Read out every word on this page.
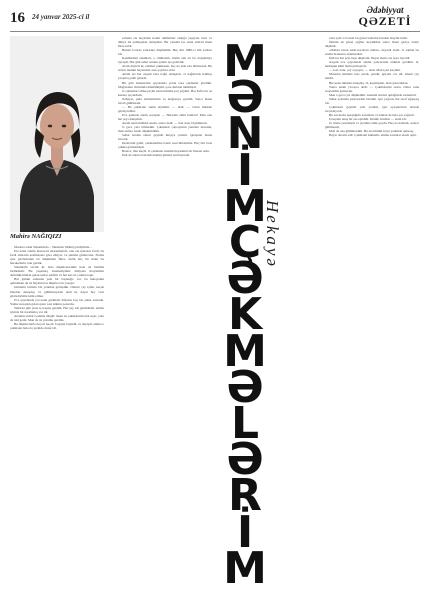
16 24 yanvar 2025-ci il
Ədəbiyyat
QƏZETİ
Mahirə NAĞIQIZI

Moskva adını Süsənbərdə – Süsənbər Mahrıyyəldiyimiz...

Elə uzun adamı məsuvəti edərəmiyirdi, onu elə iştirakçı fərdi, bu fərdi ailələrin azalmasına görə ehtiyac və şəkildə görüncələr. Eləmə qısa gözlərindən bu düşünmək fitirə, sözlü heç bir mətn bu hərəkətlərin rolu gəldik.

Sinəmizin sevilir ki, belə düşüncələrimiz hələ də bizimlə birlikdədir. Bu yaşamaq istəmədiyimiz dünyada ürəyimizin dərinliklərindən gələn səslər eşidilir və hər kəs öz yolunu tapır.

Hər günün sonunda yeni bir başlanğıc var, bu hekayənin qəhrəmanı da öz həyatını bu düşüncə ilə yaşayır.

Günlərin birində biz yenidən görüşdük. Oturub çay içdik, keçən illərdən danışdıq. O, gülümsəyərək dedi ki, həyat heç vaxt gözlədiyimiz kimi olmur.

Evə qayıdanda yol uzun göründü. Küçələr boş idi, şəhər susurdu. Yalnız uzaqdan gələn qatar səsi sükutu pozurdu.

Səhərisi gün yenə iş başına getdim. Hər şey adi görünürdü, amma içimdə bir narahatlıq var idi.

Anamın sözləri yadıma düşdü: insan öz çəkmələrini özü seçir, yolu da özü gedir. Mən də öz yolumu getdim.

Bu düşüncələrlə neçə il keçdi. Uşaqlar böyüdü, ev dəyişdi, amma o çəkmələr hələ də yerində durur idi.

zamanı elə keçirilən konul rəhmətləri olduğu yaşayan, bizə və dünya ilə qalmaqdan danışdılar. Bir yandan isə onun sözləri məni fikrə saldı.

Bunlar barədə sonradan düşündüm. Heç ilin 1980-ci ilin sonları idi.

Kəndimizin sakinləri, o cümlədən, bizim ailə də bu dəyişikliyə öyrəşdi. Hər gün səhər tezdən qalxıb işə gedirdik.

Atam deyirdi ki, zəhmət çəkməsən, heç nə əldə edə bilməzsən. Bu sözlər mənim həyatımın əsas qaydası oldu.

Anam isə hər axşam bizə nağıl danışardı. O nağıllarda həmişə yaxşılıq qalib gələrdi.

Bir gün məktəbdən qayıdanda yolda təzə çəkmələr gördüm. Mağazanın vitrinində düzülmüşdü, qara dəridən tikilmişdi.

O çəkmələri almaq üçün uzun müddət pul yığdım. Hər həftə bir az kənara qoyurdum.

Nəhayət, pulu tamamladım və mağazaya getdim. Satıcı mənə baxıb gülümsədi.

— Bu çəkmələr sənin üçündür, — dedi. — Uzun müddət gözləyirdilər.

Evə gələndə anam soruşdu: — Haradan aldın bunları? Mən ona hər şeyi danışdım.

Anam uzun müddət susdu, sonra dedi: — Sən artıq böyümüsən.

O gecə yata bilmədim. Çəkmələr çarpayımın yanında dururdu, mən onlara baxıb düşünürdüm.

Səhər tezdən onları geyinib küçəyə çıxdım. Qonşular mənə baxırdı.

Dostlarım gəldi, çəkmələrimə baxıb təəccübləndilər. Heç biri belə çəkmə görməmişdi.

Beləcə, illər keçdi. O çəkmələr mənim həyatımın bir hissəsi oldu.

İndi də onlara baxanda həmin günləri xatırlayıram.

rada qalır və bəzən bu gözəl xatirələr insanın ürəyini isidir.

Ömrün ən gözəl çağları keçdikdən sonra insan geriyə baxıb düşünür.

«Əsilsiz insan nəsil-nəcabəti olmaz» deyərdi atam. O zaman bu sözün mənasını anlamırdım.

İndi isə hər şeyi başa düşürəm. Həyat məni çox şeyə öyrətdi.

Axşam evə qayıdanda anamı pəncərənin önündə gördüm. O, həmişəki kimi məni gözləyirdi.

— Gəl, bala, çay soyuyur, — dedi. Mən içəri keçdim.

Masanın üstündə təzə çörək, pendir, göyərti var idi. Anam çay süzdü.

Biz uzun müddət danışdıq. O, keçmişdən, mən gələcəkdən.

Sonra anam yavaşca dedi: — Çəkmələrini saxla. Onlar sənə xoşbəxtlik gətirəcək.

Mən o gecə çox düşündüm. Anamın sözləri qulağımda səslənirdi.

Səhər açılanda pəncərədən baxdım. Qar yağırdı, hər tərəf ağappaq idi.

Çəkmələri geyinib çölə çıxdım. Qar ayaqlarımın altında xırçıldayırdı.

Bu səs mənə uşaqlığımı xatırlatdı. O zaman da belə qar yağardı.

Uzaqdan tanış bir səs eşitdim. Dönüb baxdım — atam idi.

O, mənə yaxınlaşdı və çiynimə əlini qoydu. Heç nə demədi, sadəcə gülümsədi.

Mən də ona gülümsədim. Bu an ömrüm boyu yadımda qalacaq.

Həyat davam edir. Çəkmələr köhnəlir, amma xatirələr əbədi qalır.

M
Ə
N
İ
M
Ç
Ə
K
M
Ə
L
Ə
R
İ
M
Hekayə
